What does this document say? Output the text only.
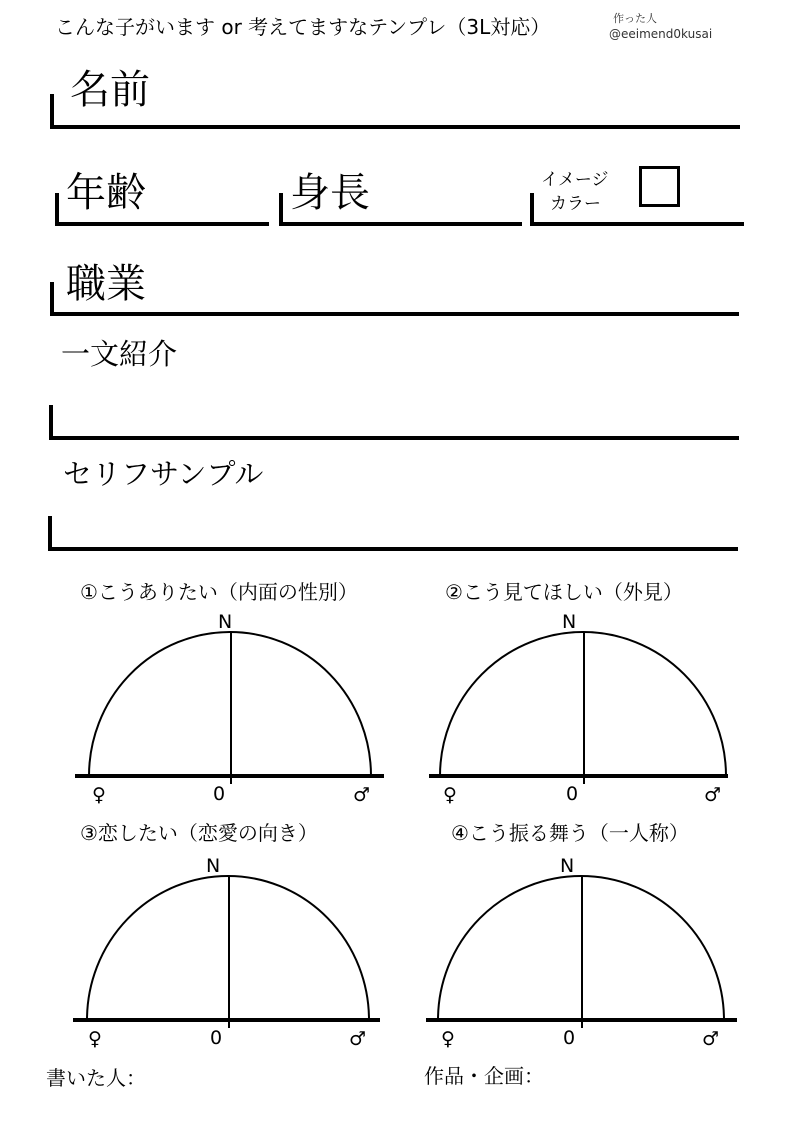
こんな子がいます or 考えてますなテンプレ（3L対応）	作った人
@eeimend0kusai
名前
年齢	身長	イメージ
カラー
職業
一文紹介
セリフサンプル
①こうありたい（内面の性別）
N
0
♀	♂
②こう見てほしい（外見）
N
0
♀	♂
③恋したい（恋愛の向き）
N
0
♀	♂
④こう振る舞う（一人称）
N
0
♀	♂
書いた人：	作品・企画：
